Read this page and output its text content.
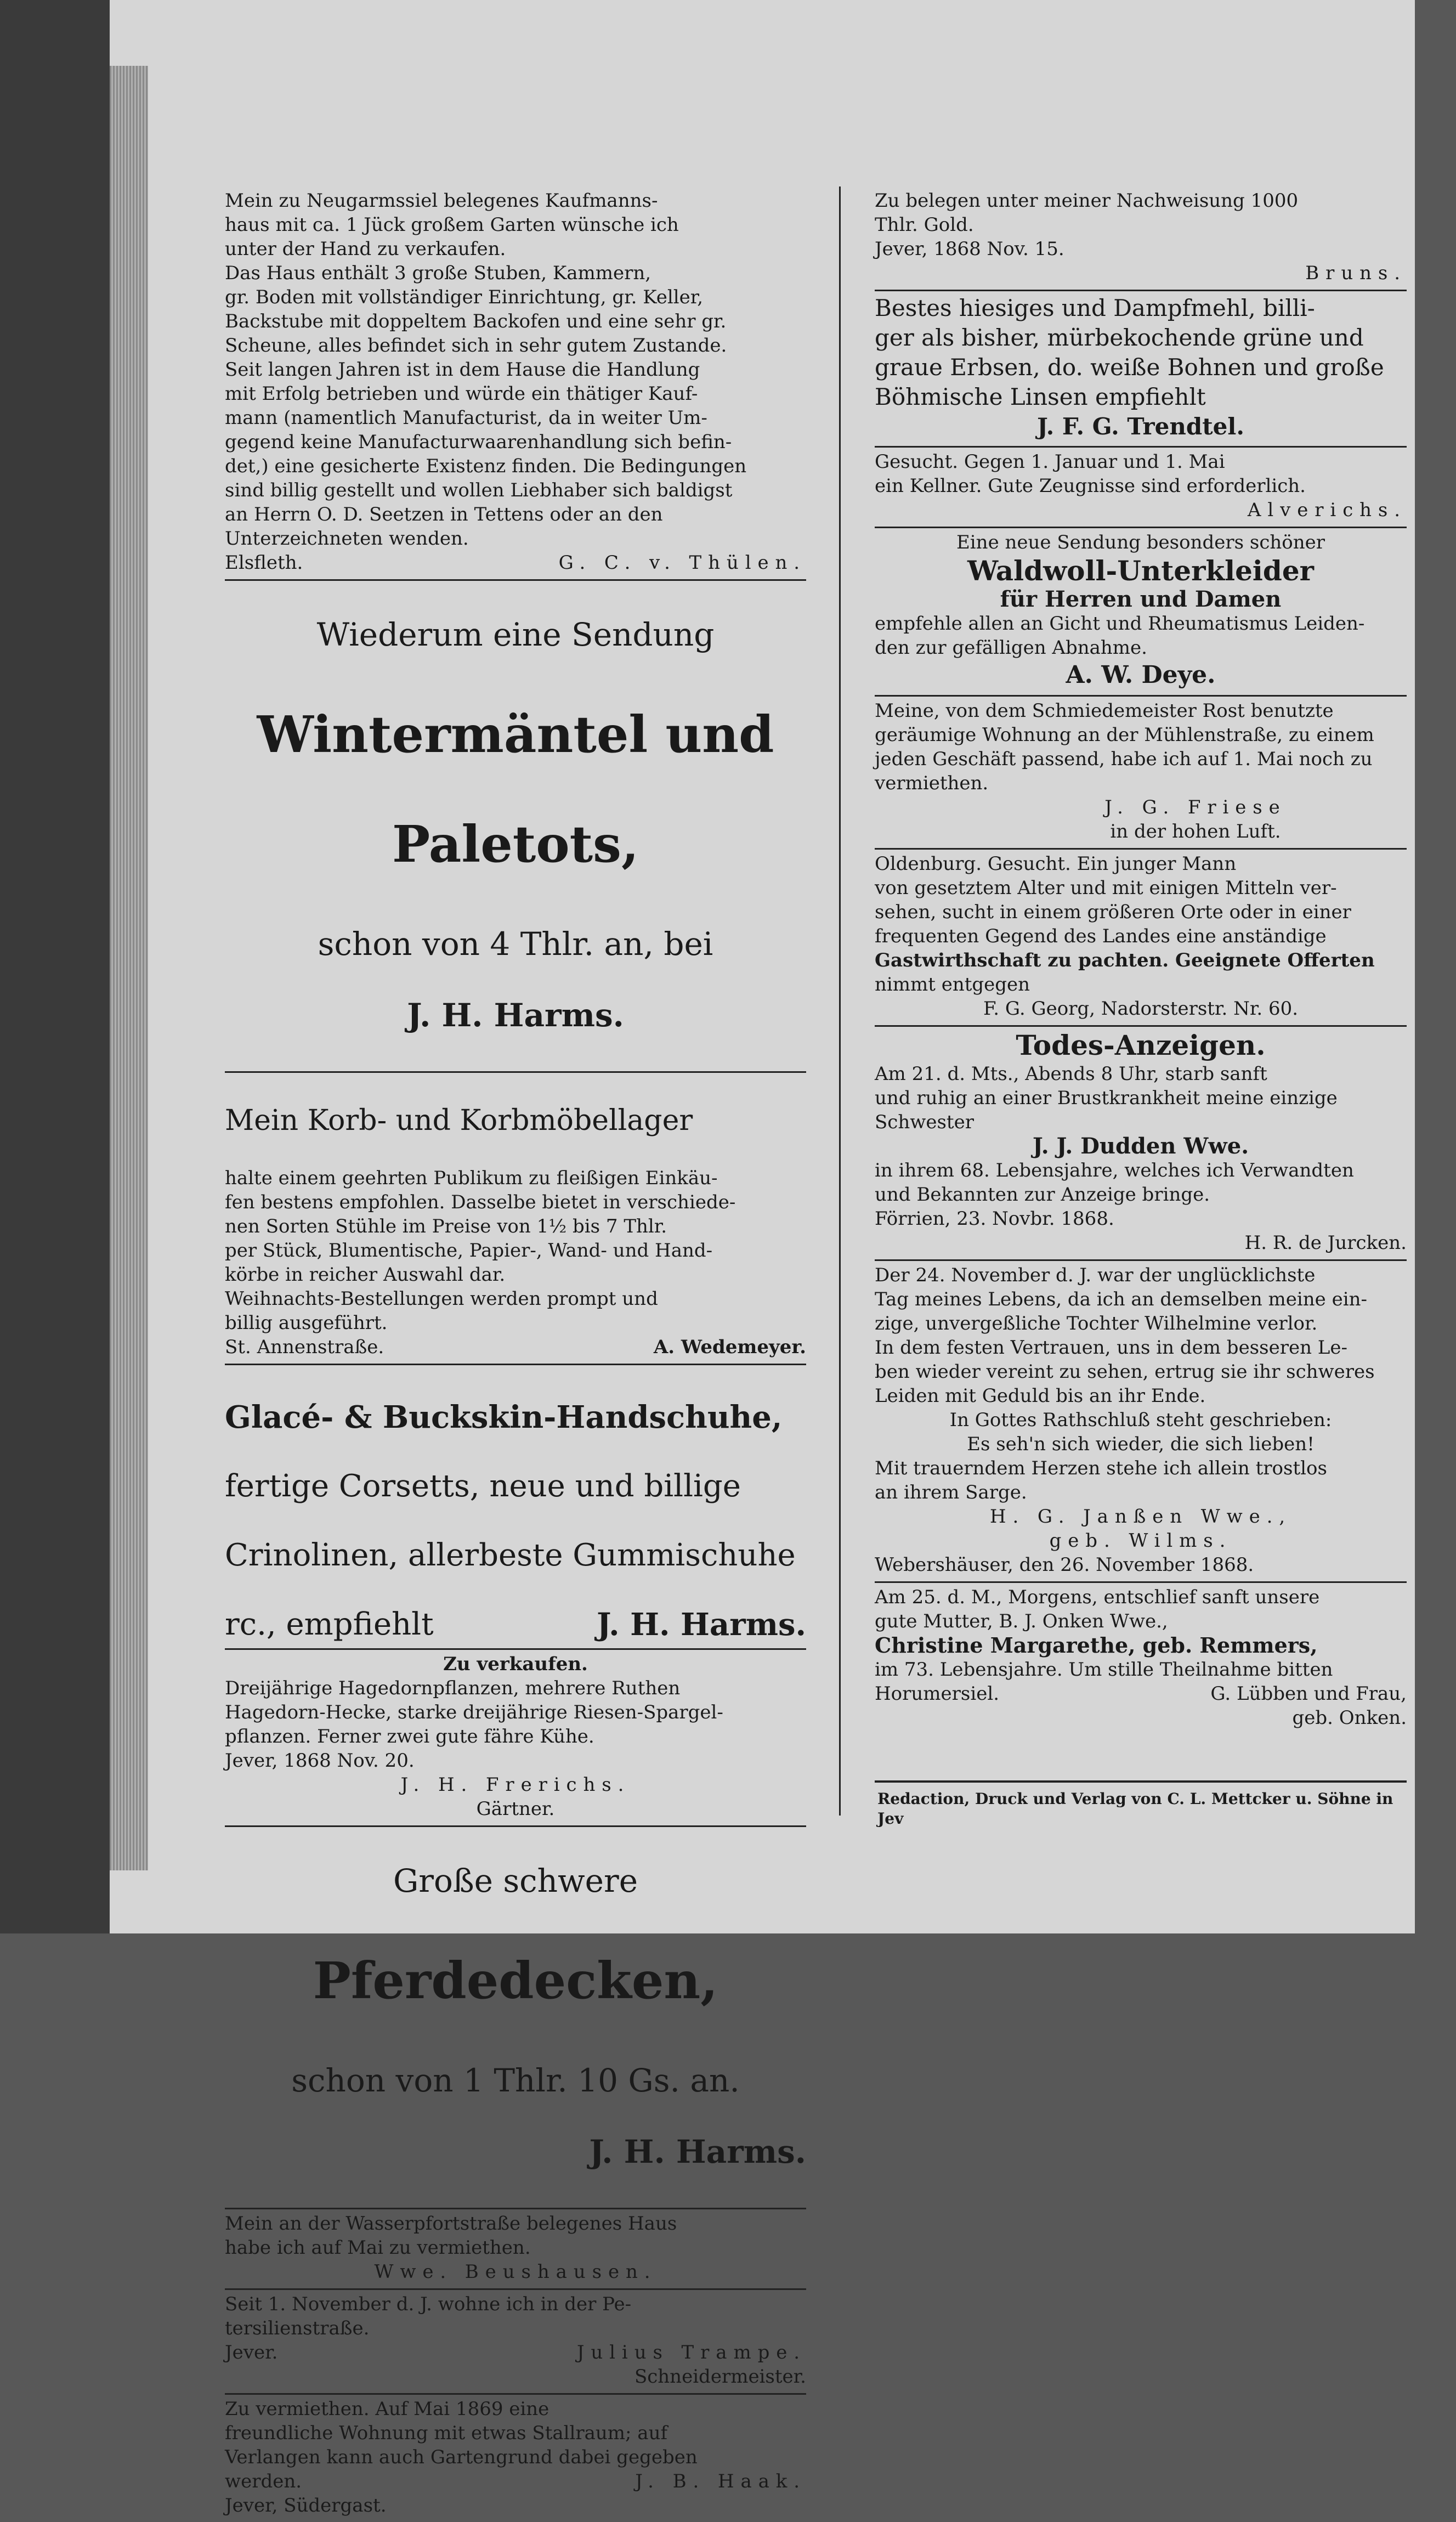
Mein zu Neugarmssiel belegenes Kaufmanns-

haus mit ca. 1 Jück großem Garten wünsche ich

unter der Hand zu verkaufen.

Das Haus enthält 3 große Stuben, Kammern,

gr. Boden mit vollständiger Einrichtung, gr. Keller,

Backstube mit doppeltem Backofen und eine sehr gr.

Scheune, alles befindet sich in sehr gutem Zustande.

Seit langen Jahren ist in dem Hause die Handlung

mit Erfolg betrieben und würde ein thätiger Kauf-

mann (namentlich Manufacturist, da in weiter Um-

gegend keine Manufacturwaarenhandlung sich befin-

det,) eine gesicherte Existenz finden. Die Bedingungen

sind billig gestellt und wollen Liebhaber sich baldigst

an Herrn O. D. Seetzen in Tettens oder an den

Unterzeichneten wenden.

Elsfleth.	G. C. v. Thülen.

Wiederum eine Sendung

Wintermäntel und

Paletots,

schon von 4 Thlr. an, bei

J. H. Harms.

Mein Korb- und Korbmöbellager

halte einem geehrten Publikum zu fleißigen Einkäu-

fen bestens empfohlen. Dasselbe bietet in verschiede-

nen Sorten Stühle im Preise von 1½ bis 7 Thlr.

per Stück, Blumentische, Papier-, Wand- und Hand-

körbe in reicher Auswahl dar.

Weihnachts-Bestellungen werden prompt und

billig ausgeführt.

St. Annenstraße.	A. Wedemeyer.

Glacé- & Buckskin-Handschuhe,

fertige Corsetts, neue und billige

Crinolinen, allerbeste Gummischuhe

rc., empfiehlt	J. H. Harms.

Zu verkaufen.

Dreijährige Hagedornpflanzen, mehrere Ruthen

Hagedorn-Hecke, starke dreijährige Riesen-Spargel-

pflanzen. Ferner zwei gute fähre Kühe.

Jever, 1868 Nov. 20.

J. H. Frerichs.

Gärtner.

Große schwere

Pferdedecken,

schon von 1 Thlr. 10 Gs. an.

J. H. Harms.

Mein an der Wasserpfortstraße belegenes Haus

habe ich auf Mai zu vermiethen.

Wwe. Beushausen.

Seit 1. November d. J. wohne ich in der Pe-

tersilienstraße.

Jever.	Julius Trampe.

Schneidermeister.

Zu vermiethen. Auf Mai 1869 eine

freundliche Wohnung mit etwas Stallraum; auf

Verlangen kann auch Gartengrund dabei gegeben

werden.	J. B. Haak.

Jever, Südergast.

Zu belegen unter meiner Nachweisung 1000

Thlr. Gold.

Jever, 1868 Nov. 15.

Bruns.

Bestes hiesiges und Dampfmehl, billi-

ger als bisher, mürbekochende grüne und

graue Erbsen, do. weiße Bohnen und große

Böhmische Linsen empfiehlt

J. F. G. Trendtel.

Gesucht. Gegen 1. Januar und 1. Mai

ein Kellner. Gute Zeugnisse sind erforderlich.

Alverichs.

Eine neue Sendung besonders schöner

Waldwoll-Unterkleider

für Herren und Damen

empfehle allen an Gicht und Rheumatismus Leiden-

den zur gefälligen Abnahme.

A. W. Deye.

Meine, von dem Schmiedemeister Rost benutzte

geräumige Wohnung an der Mühlenstraße, zu einem

jeden Geschäft passend, habe ich auf 1. Mai noch zu

vermiethen.

J. G. Friese

in der hohen Luft.

Oldenburg. Gesucht. Ein junger Mann

von gesetztem Alter und mit einigen Mitteln ver-

sehen, sucht in einem größeren Orte oder in einer

frequenten Gegend des Landes eine anständige

Gastwirthschaft zu pachten. Geeignete Offerten

nimmt entgegen

F. G. Georg, Nadorsterstr. Nr. 60.

Todes-Anzeigen.

Am 21. d. Mts., Abends 8 Uhr, starb sanft

und ruhig an einer Brustkrankheit meine einzige

Schwester

J. J. Dudden Wwe.

in ihrem 68. Lebensjahre, welches ich Verwandten

und Bekannten zur Anzeige bringe.

Förrien, 23. Novbr. 1868.

H. R. de Jurcken.

Der 24. November d. J. war der unglücklichste

Tag meines Lebens, da ich an demselben meine ein-

zige, unvergeßliche Tochter Wilhelmine verlor.

In dem festen Vertrauen, uns in dem besseren Le-

ben wieder vereint zu sehen, ertrug sie ihr schweres

Leiden mit Geduld bis an ihr Ende.

In Gottes Rathschluß steht geschrieben:

Es seh'n sich wieder, die sich lieben!

Mit trauerndem Herzen stehe ich allein trostlos

an ihrem Sarge.

H. G. Janßen Wwe.,

geb. Wilms.

Webershäuser, den 26. November 1868.

Am 25. d. M., Morgens, entschlief sanft unsere

gute Mutter, B. J. Onken Wwe.,

Christine Margarethe, geb. Remmers,

im 73. Lebensjahre. Um stille Theilnahme bitten

Horumersiel.	G. Lübben und Frau,

geb. Onken.

Redaction, Druck und Verlag von C. L. Mettcker u. Söhne in Jev
